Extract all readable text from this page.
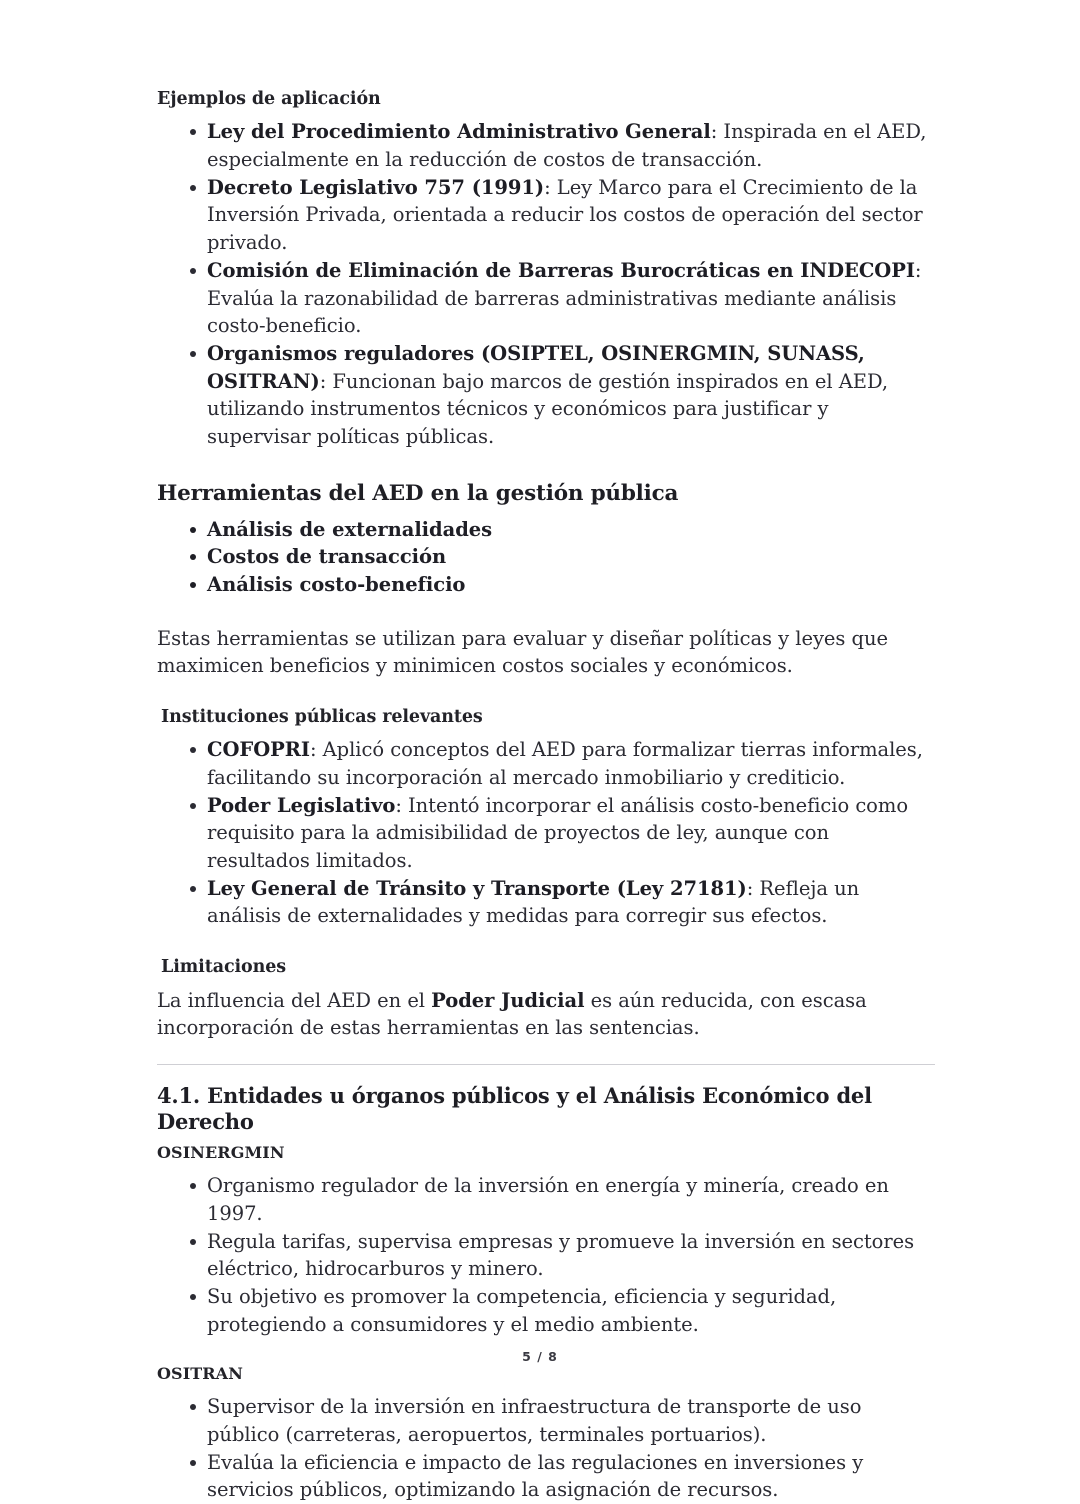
Ejemplos de aplicación
Ley del Procedimiento Administrativo General: Inspirada en el AED, especialmente en la reducción de costos de transacción.
Decreto Legislativo 757 (1991): Ley Marco para el Crecimiento de la Inversión Privada, orientada a reducir los costos de operación del sector privado.
Comisión de Eliminación de Barreras Burocráticas en INDECOPI: Evalúa la razonabilidad de barreras administrativas mediante análisis costo-beneficio.
Organismos reguladores (OSIPTEL, OSINERGMIN, SUNASS, OSITRAN): Funcionan bajo marcos de gestión inspirados en el AED, utilizando instrumentos técnicos y económicos para justificar y supervisar políticas públicas.
Herramientas del AED en la gestión pública
Análisis de externalidades
Costos de transacción
Análisis costo-beneficio

Estas herramientas se utilizan para evaluar y diseñar políticas y leyes que maximicen beneficios y minimicen costos sociales y económicos.

Instituciones públicas relevantes
COFOPRI: Aplicó conceptos del AED para formalizar tierras informales, facilitando su incorporación al mercado inmobiliario y crediticio.
Poder Legislativo: Intentó incorporar el análisis costo-beneficio como requisito para la admisibilidad de proyectos de ley, aunque con resultados limitados.
Ley General de Tránsito y Transporte (Ley 27181): Refleja un análisis de externalidades y medidas para corregir sus efectos.
Limitaciones

La influencia del AED en el Poder Judicial es aún reducida, con escasa incorporación de estas herramientas en las sentencias.

4.1. Entidades u órganos públicos y el Análisis Económico del Derecho
OSINERGMIN
Organismo regulador de la inversión en energía y minería, creado en 1997.
Regula tarifas, supervisa empresas y promueve la inversión en sectores eléctrico, hidrocarburos y minero.
Su objetivo es promover la competencia, eficiencia y seguridad, protegiendo a consumidores y el medio ambiente.
OSITRAN
Supervisor de la inversión en infraestructura de transporte de uso público (carreteras, aeropuertos, terminales portuarios).
Evalúa la eficiencia e impacto de las regulaciones en inversiones y servicios públicos, optimizando la asignación de recursos.
5 / 8
